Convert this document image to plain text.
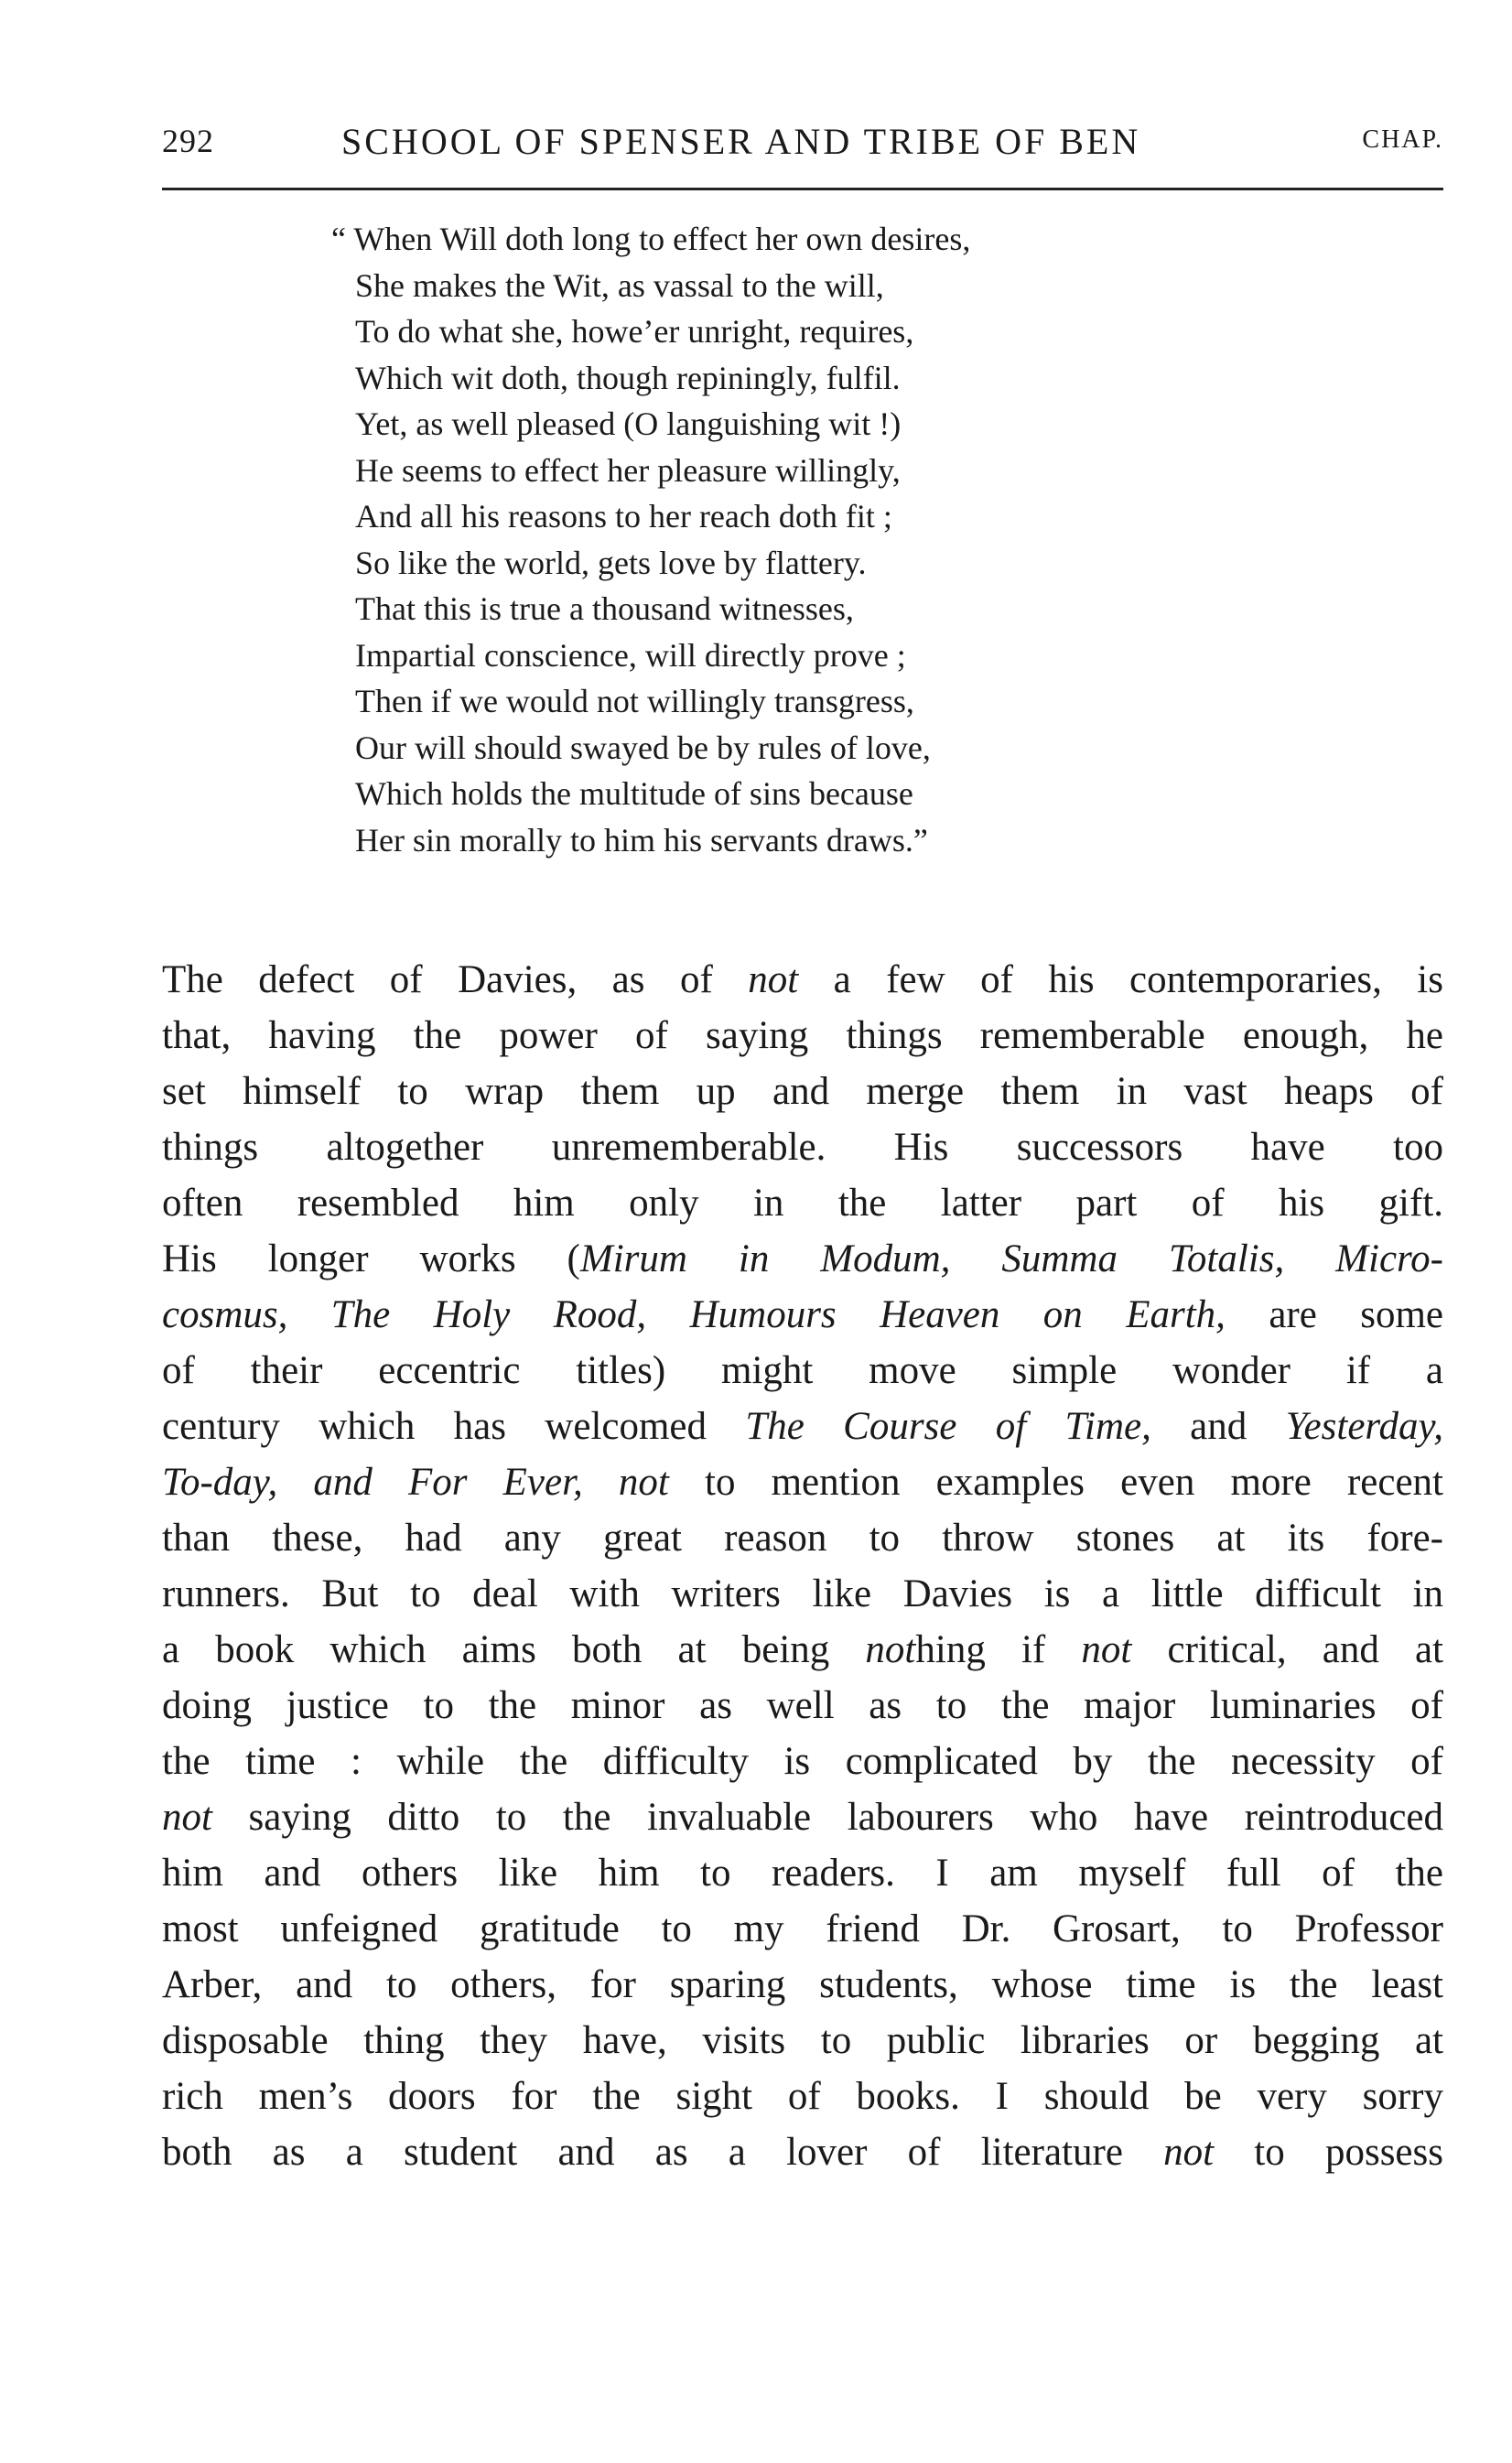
292	SCHOOL OF SPENSER AND TRIBE OF BEN	CHAP.
“ When Will doth long to effect her own desires,
She makes the Wit, as vassal to the will,
To do what she, howe’er unright, requires,
Which wit doth, though repiningly, fulfil.
Yet, as well pleased (O languishing wit !)
He seems to effect her pleasure willingly,
And all his reasons to her reach doth fit ;
So like the world, gets love by flattery.
That this is true a thousand witnesses,
Impartial conscience, will directly prove ;
Then if we would not willingly transgress,
Our will should swayed be by rules of love,
Which holds the multitude of sins because
Her sin morally to him his servants draws.”
The defect of Davies, as of not a few of his contemporaries, is
that, having the power of saying things rememberable enough, he
set himself to wrap them up and merge them in vast heaps of
things altogether unrememberable. His successors have too
often resembled him only in the latter part of his gift.
His longer works (Mirum in Modum, Summa Totalis, Micro-
cosmus, The Holy Rood, Humours Heaven on Earth, are some
of their eccentric titles) might move simple wonder if a
century which has welcomed The Course of Time, and Yesterday,
To-day, and For Ever, not to mention examples even more recent
than these, had any great reason to throw stones at its fore-
runners. But to deal with writers like Davies is a little difficult in
a book which aims both at being nothing if not critical, and at
doing justice to the minor as well as to the major luminaries of
the time : while the difficulty is complicated by the necessity of
not saying ditto to the invaluable labourers who have reintroduced
him and others like him to readers. I am myself full of the
most unfeigned gratitude to my friend Dr. Grosart, to Professor
Arber, and to others, for sparing students, whose time is the least
disposable thing they have, visits to public libraries or begging at
rich men’s doors for the sight of books. I should be very sorry
both as a student and as a lover of literature not to possess
